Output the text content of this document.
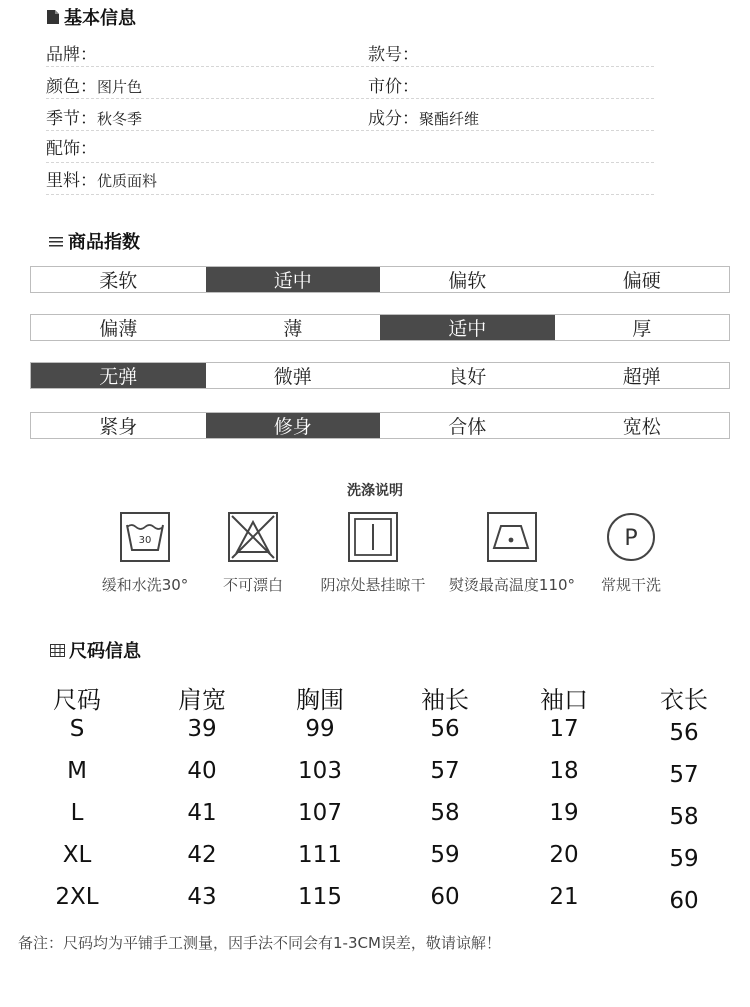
基本信息
品牌：	款号：
颜色：图片色	市价：
季节：秋冬季	成分：聚酯纤维
配饰：
里料：优质面料
商品指数
柔软	适中	偏软	偏硬
偏薄	薄	适中	厚
无弹	微弹	良好	超弹
紧身	修身	合体	宽松
洗涤说明
30
缓和水洗30°	不可漂白	阴凉处悬挂晾干	熨烫最高温度110°
P
常规干洗
尺码信息
尺码	肩宽	胸围	袖长	袖口	衣长
S	39	99	56	17	56
M	40	103	57	18	57
L	41	107	58	19	58
XL	42	111	59	20	59
2XL	43	115	60	21	60
备注：尺码均为平铺手工测量，因手法不同会有1-3CM误差，敬请谅解！
